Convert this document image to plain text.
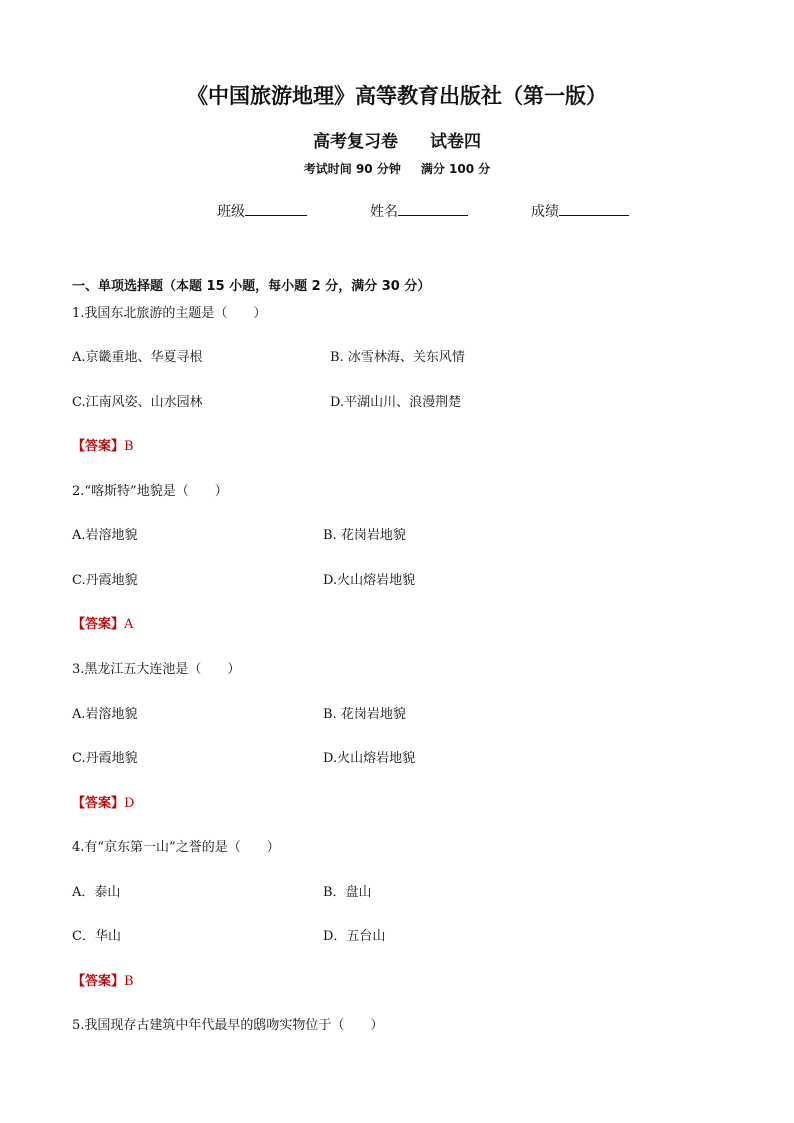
《中国旅游地理》高等教育出版社（第一版）
高考复习卷 试卷四
考试时间 90 分钟 满分 100 分
班级	姓名	成绩
一、单项选择题（本题 15 小题，每小题 2 分，满分 30 分）
1.我国东北旅游的主题是（　　）
A.京畿重地、华夏寻根	B. 冰雪林海、关东风情
C.江南风姿、山水园林	D.平湖山川、浪漫荆楚
【答案】B
2.“喀斯特”地貌是（　　）
A.岩溶地貌	B. 花岗岩地貌
C.丹霞地貌	D.火山熔岩地貌
【答案】A
3.黑龙江五大连池是（　　）
A.岩溶地貌	B. 花岗岩地貌
C.丹霞地貌	D.火山熔岩地貌
【答案】D
4.有“京东第一山”之誉的是（　　）
A．泰山	B．盘山
C．华山	D．五台山
【答案】B
5.我国现存古建筑中年代最早的鸱吻实物位于（　　）
